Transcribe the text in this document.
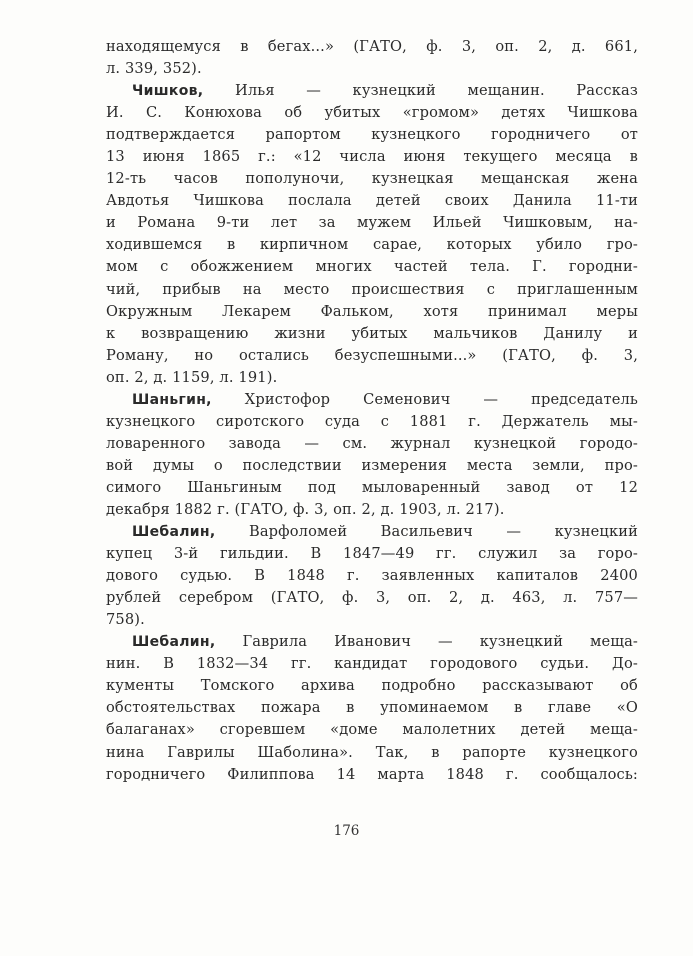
находящемуся в бегах...» (ГАТО, ф. 3, оп. 2, д. 661,
л. 339, 352).
Чишков, Илья — кузнецкий мещанин. Рассказ
И. С. Конюхова об убитых «громом» детях Чишкова
подтверждается рапортом кузнецкого городничего от
13 июня 1865 г.: «12 числа июня текущего месяца в
12-ть часов пополуночи, кузнецкая мещанская жена
Авдотья Чишкова послала детей своих Данила 11-ти
и Романа 9-ти лет за мужем Ильей Чишковым, на-
ходившемся в кирпичном сарае, которых убило гро-
мом с обожжением многих частей тела. Г. городни-
чий, прибыв на место происшествия с приглашенным
Окружным Лекарем Фальком, хотя принимал меры
к возвращению жизни убитых мальчиков Данилу и
Роману, но остались безуспешными...» (ГАТО, ф. 3,
оп. 2, д. 1159, л. 191).
Шаньгин, Христофор Семенович — председатель
кузнецкого сиротского суда с 1881 г. Держатель мы-
ловаренного завода — см. журнал кузнецкой городо-
вой думы о последствии измерения места земли, про-
симого Шаньгиным под мыловаренный завод от 12
декабря 1882 г. (ГАТО, ф. 3, оп. 2, д. 1903, л. 217).
Шебалин, Варфоломей Васильевич — кузнецкий
купец 3-й гильдии. В 1847—49 гг. служил за горо-
дового судью. В 1848 г. заявленных капиталов 2400
рублей серебром (ГАТО, ф. 3, оп. 2, д. 463, л. 757—
758).
Шебалин, Гаврила Иванович — кузнецкий меща-
нин. В 1832—34 гг. кандидат городового судьи. До-
кументы Томского архива подробно рассказывают об
обстоятельствах пожара в упоминаемом в главе «О
балаганах» сгоревшем «доме малолетних детей меща-
нина Гаврилы Шаболина». Так, в рапорте кузнецкого
городничего Филиппова 14 марта 1848 г. сообщалось:
176
